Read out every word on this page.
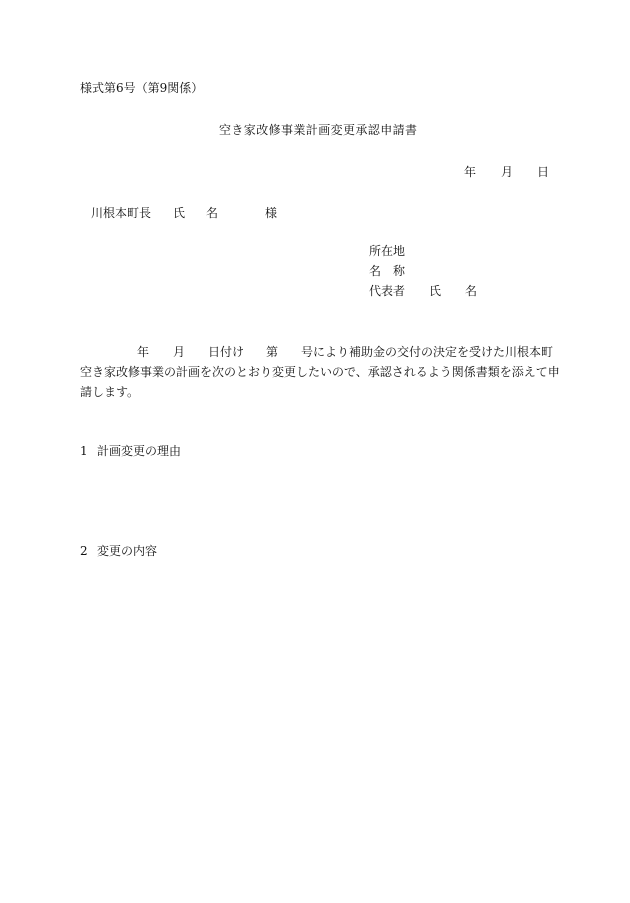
様式第6号（第9関係）
空き家改修事業計画変更承認申請書
年 月 日
川根本町長 氏 名	様
所在地
名　称
代表者 氏 名
年 月 日付け 第 号により補助金の交付の決定を受けた川根本町
空き家改修事業の計画を次のとおり変更したいので、承認されるよう関係書類を添えて申
請します。
1 計画変更の理由
2 変更の内容
